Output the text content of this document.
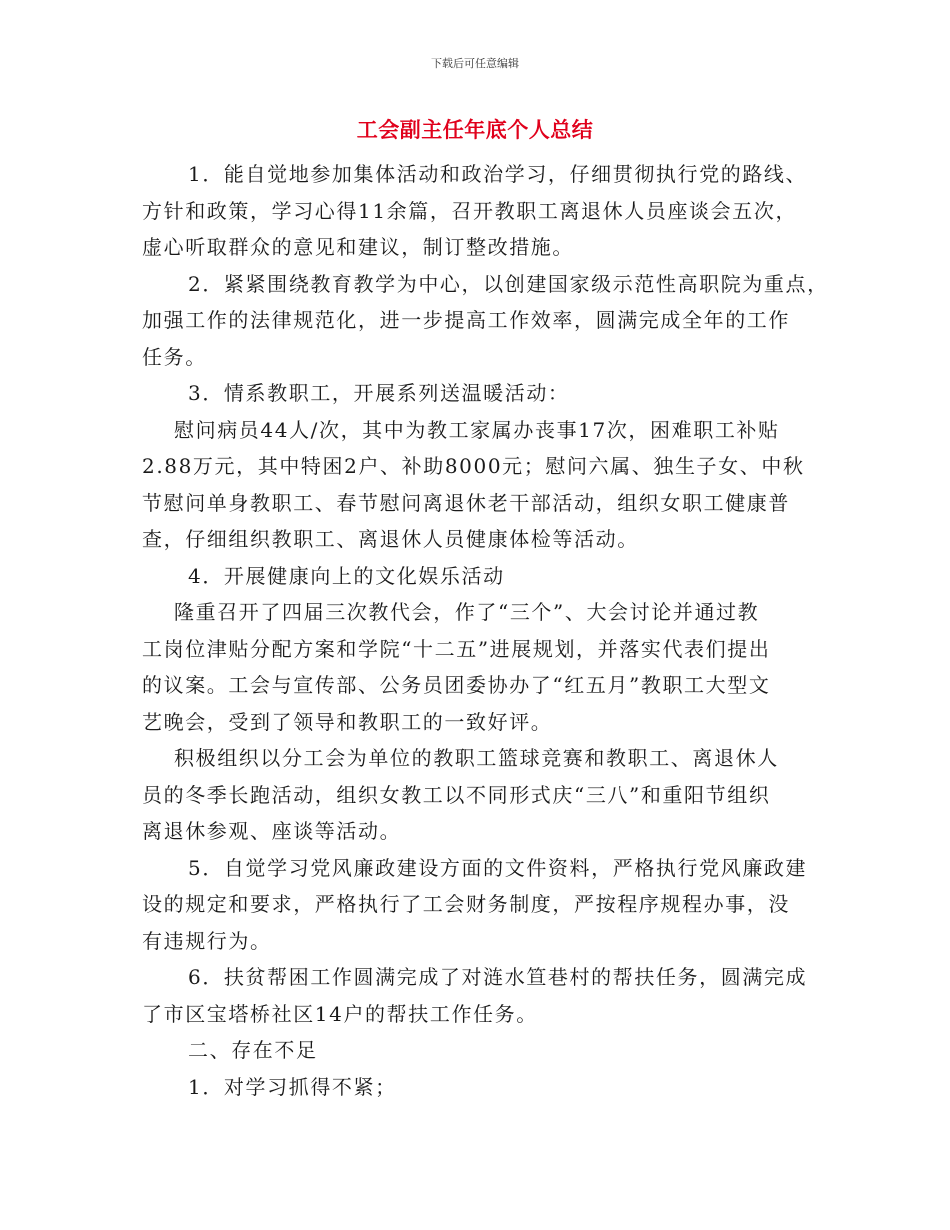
下载后可任意编辑
工会副主任年底个人总结
1．能自觉地参加集体活动和政治学习，仔细贯彻执行党的路线、
方针和政策，学习心得11余篇，召开教职工离退休人员座谈会五次，
虚心听取群众的意见和建议，制订整改措施。
2．紧紧围绕教育教学为中心，以创建国家级示范性高职院为重点，
加强工作的法律规范化，进一步提高工作效率，圆满完成全年的工作
任务。
3．情系教职工，开展系列送温暖活动：
慰问病员44人/次，其中为教工家属办丧事17次，困难职工补贴
2.88万元，其中特困2户、补助8000元；慰问六属、独生子女、中秋
节慰问单身教职工、春节慰问离退休老干部活动，组织女职工健康普
查，仔细组织教职工、离退休人员健康体检等活动。
4．开展健康向上的文化娱乐活动
隆重召开了四届三次教代会，作了“三个”、大会讨论并通过教
工岗位津贴分配方案和学院“十二五”进展规划，并落实代表们提出
的议案。工会与宣传部、公务员团委协办了“红五月”教职工大型文
艺晚会，受到了领导和教职工的一致好评。
积极组织以分工会为单位的教职工篮球竞赛和教职工、离退休人
员的冬季长跑活动，组织女教工以不同形式庆“三八”和重阳节组织
离退休参观、座谈等活动。
5．自觉学习党风廉政建设方面的文件资料，严格执行党风廉政建
设的规定和要求，严格执行了工会财务制度，严按程序规程办事，没
有违规行为。
6．扶贫帮困工作圆满完成了对涟水笪巷村的帮扶任务，圆满完成
了市区宝塔桥社区14户的帮扶工作任务。
二、存在不足
1．对学习抓得不紧；
